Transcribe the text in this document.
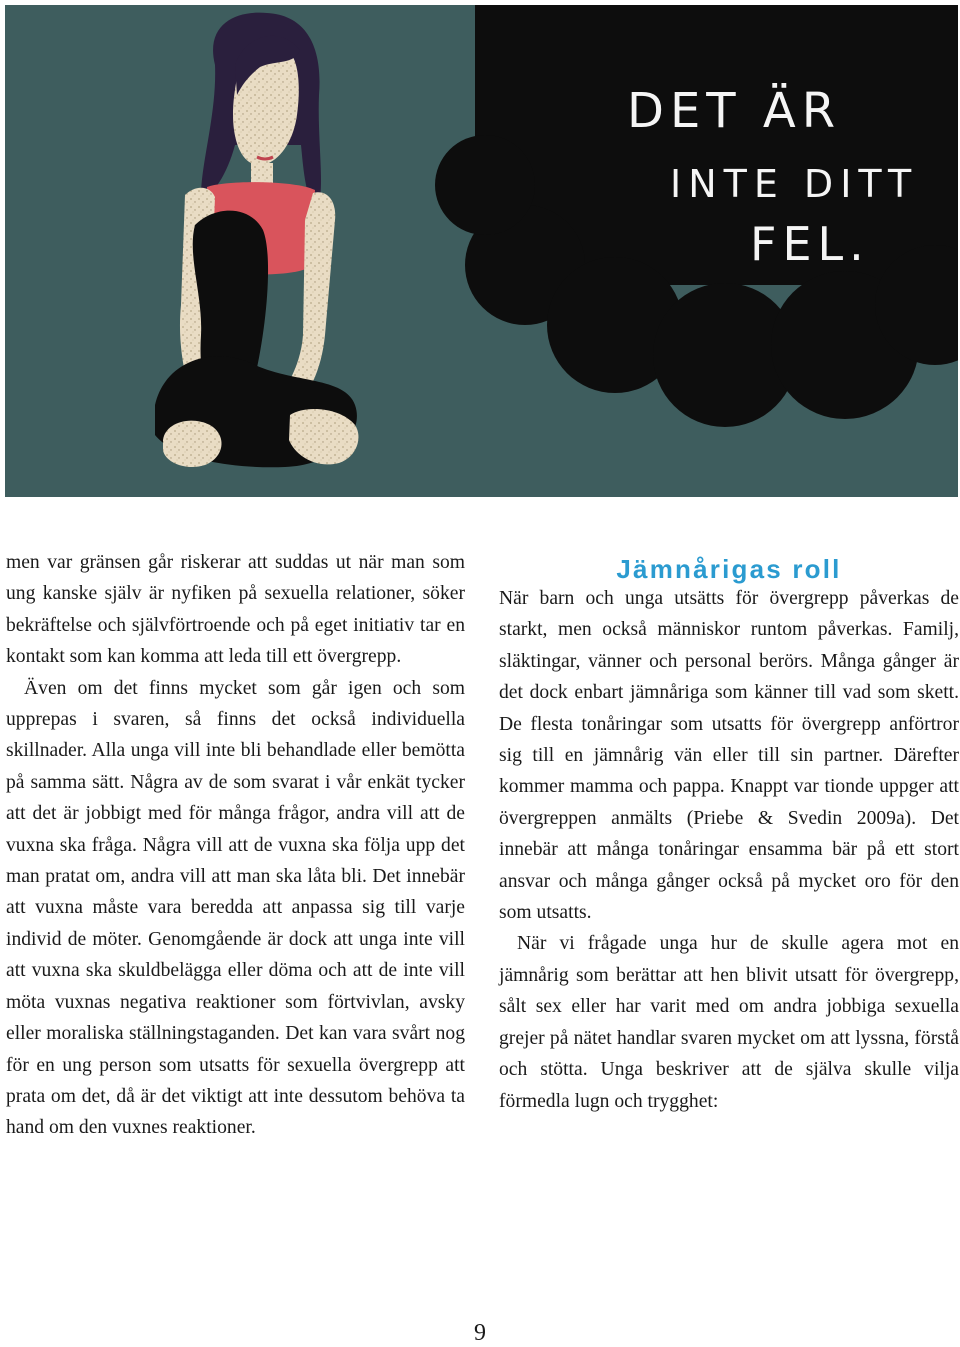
DET ÄR
INTE DITT
FEL.

men var gränsen går riskerar att suddas ut när man som ung kanske själv är nyfiken på sexuella relationer, söker bekräftelse och självförtroende och på eget initiativ tar en kontakt som kan komma att leda till ett övergrepp.

Även om det finns mycket som går igen och som upprepas i svaren, så finns det också individuella skillnader. Alla unga vill inte bli behandlade eller bemötta på samma sätt. Några av de som svarat i vår enkät tycker att det är jobbigt med för många frågor, andra vill att de vuxna ska fråga. Några vill att de vuxna ska följa upp det man pratat om, andra vill att man ska låta bli. Det innebär att vuxna måste vara beredda att anpassa sig till varje individ de möter. Genomgående är dock att unga inte vill att vuxna ska skuldbelägga eller döma och att de inte vill möta vuxnas negativa reaktioner som förtvivlan, avsky eller moraliska ställningstaganden. Det kan vara svårt nog för en ung person som utsatts för sexuella övergrepp att prata om det, då är det viktigt att inte dessutom behöva ta hand om den vuxnes reaktioner.

Jämnårigas roll

När barn och unga utsätts för övergrepp påverkas de starkt, men också människor runtom påverkas. Familj, släktingar, vänner och personal berörs. Många gånger är det dock enbart jämnåriga som känner till vad som skett. De flesta tonåringar som utsatts för övergrepp anförtror sig till en jämnårig vän eller till sin partner. Därefter kommer mamma och pappa. Knappt var tionde uppger att övergreppen anmälts (Priebe & Svedin 2009a). Det innebär att många tonåringar ensamma bär på ett stort ansvar och många gånger också på mycket oro för den som utsatts.

När vi frågade unga hur de skulle agera mot en jämnårig som berättar att hen blivit utsatt för övergrepp, sålt sex eller har varit med om andra jobbiga sexuella grejer på nätet handlar svaren mycket om att lyssna, förstå och stötta. Unga beskriver att de själva skulle vilja förmedla lugn och trygghet:

9
